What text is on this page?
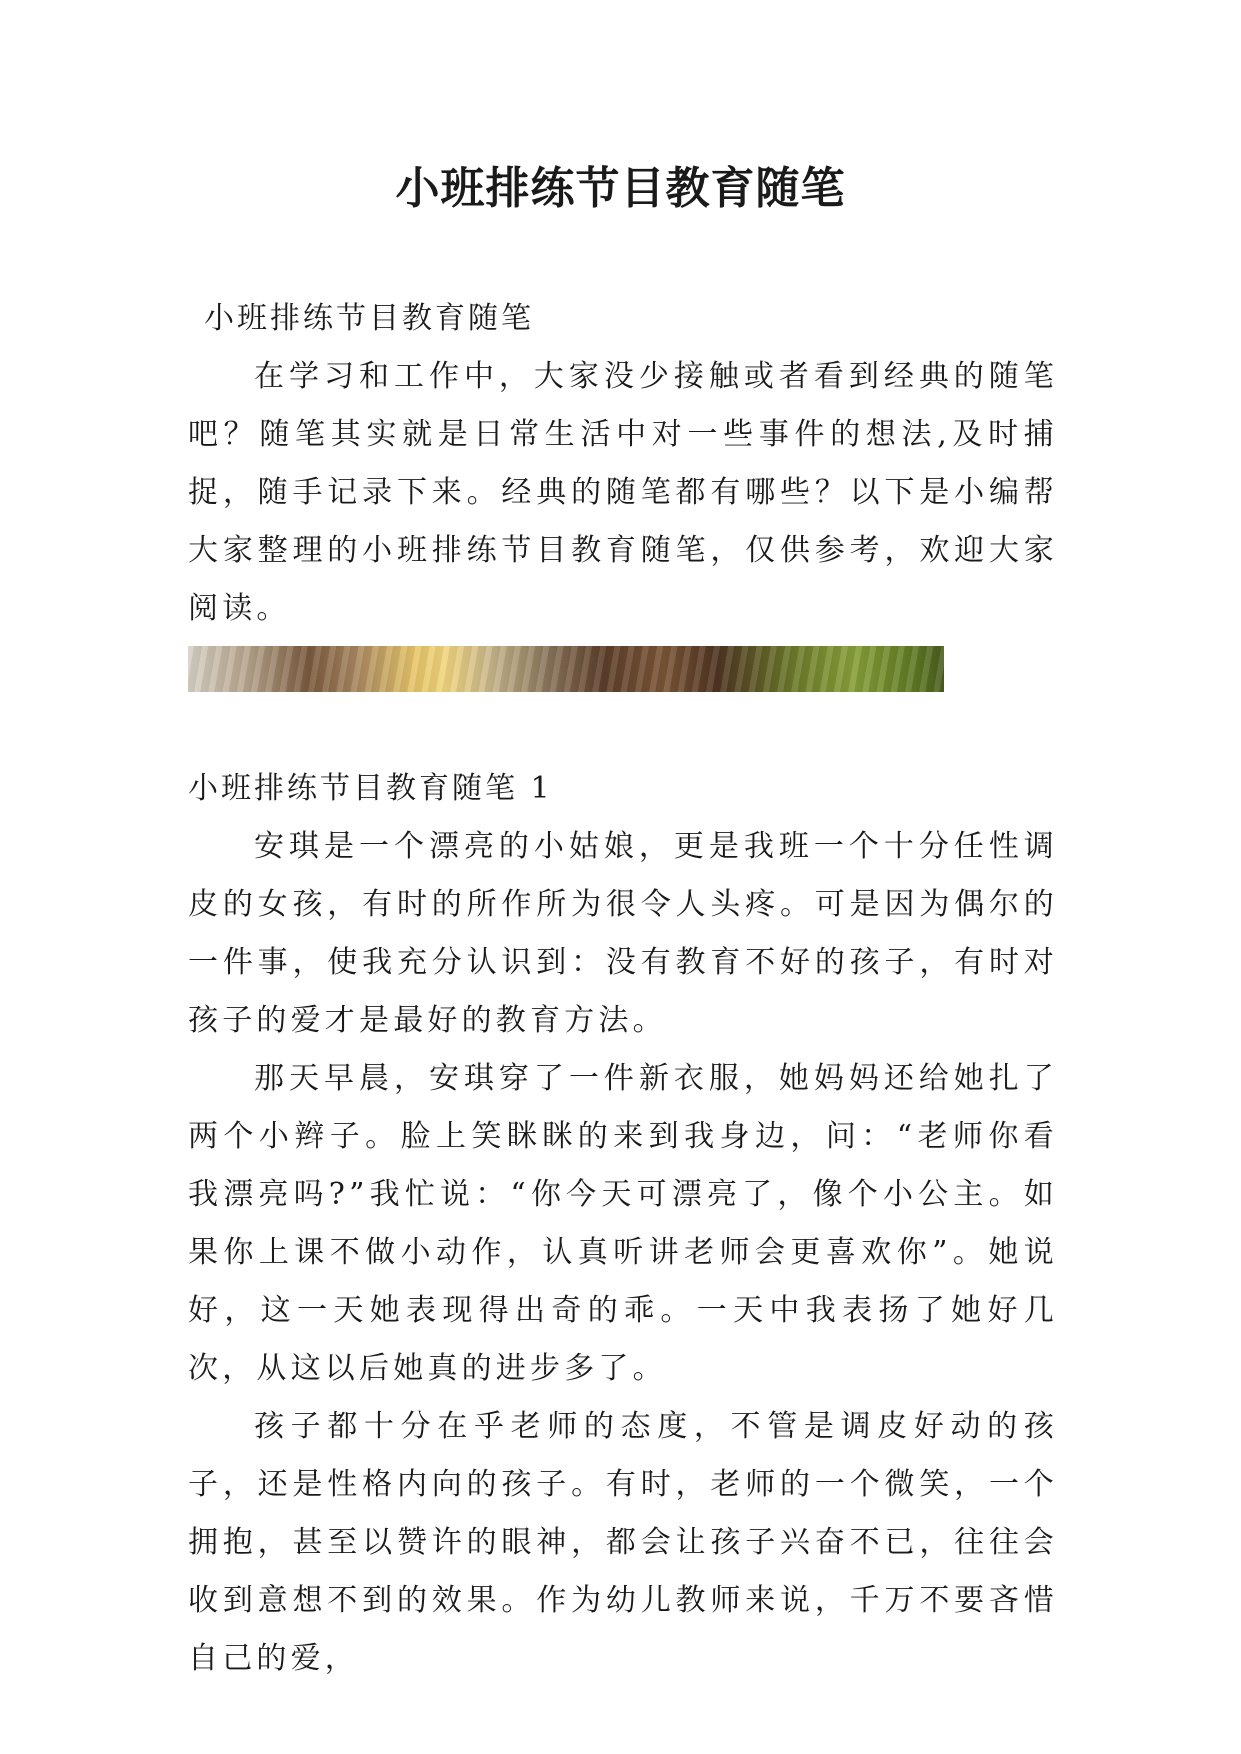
小班排练节目教育随笔

小班排练节目教育随笔

在学习和工作中，大家没少接触或者看到经典的随笔吧？随笔其实就是日常生活中对一些事件的想法,及时捕捉，随手记录下来。经典的随笔都有哪些？以下是小编帮大家整理的小班排练节目教育随笔，仅供参考，欢迎大家阅读。

小班排练节目教育随笔 1

安琪是一个漂亮的小姑娘，更是我班一个十分任性调皮的女孩，有时的所作所为很令人头疼。可是因为偶尔的一件事，使我充分认识到：没有教育不好的孩子，有时对孩子的爱才是最好的教育方法。

那天早晨，安琪穿了一件新衣服，她妈妈还给她扎了两个小辫子。脸上笑眯眯的来到我身边，问：“老师你看我漂亮吗?”我忙说：“你今天可漂亮了，像个小公主。如果你上课不做小动作，认真听讲老师会更喜欢你”。她说好，这一天她表现得出奇的乖。一天中我表扬了她好几次，从这以后她真的进步多了。

孩子都十分在乎老师的态度，不管是调皮好动的孩子，还是性格内向的孩子。有时，老师的一个微笑，一个拥抱，甚至以赞许的眼神，都会让孩子兴奋不已，往往会收到意想不到的效果。作为幼儿教师来说，千万不要吝惜自己的爱，
